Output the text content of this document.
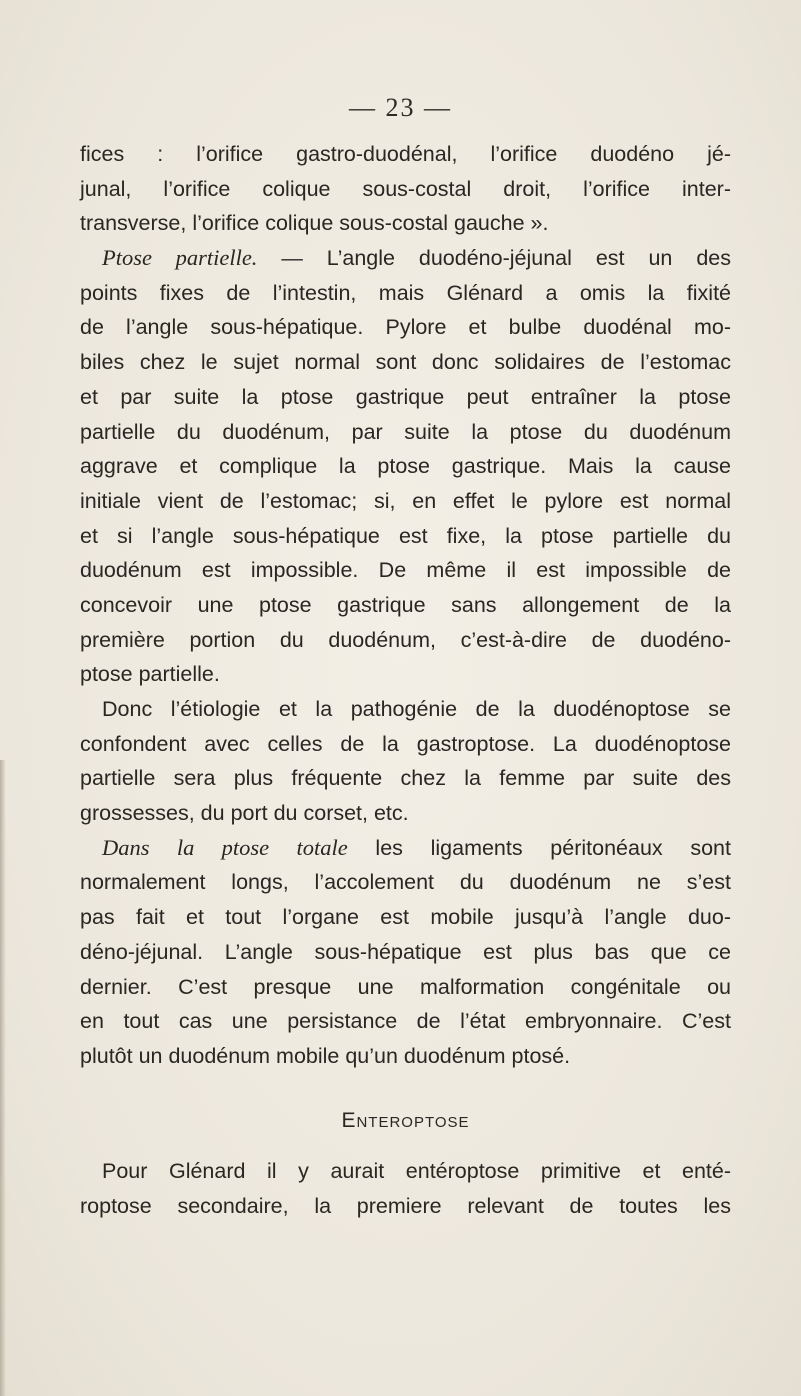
— 23 —
fices : l’orifice gastro-duodénal, l’orifice duodéno jé-
junal, l’orifice colique sous-costal droit, l’orifice inter-
transverse, l’orifice colique sous-costal gauche ».
Ptose partielle. — L’angle duodéno-jéjunal est un des
points fixes de l’intestin, mais Glénard a omis la fixité
de l’angle sous-hépatique. Pylore et bulbe duodénal mo-
biles chez le sujet normal sont donc solidaires de l’estomac
et par suite la ptose gastrique peut entraîner la ptose
partielle du duodénum, par suite la ptose du duodénum
aggrave et complique la ptose gastrique. Mais la cause
initiale vient de l’estomac; si, en effet le pylore est normal
et si l’angle sous-hépatique est fixe, la ptose partielle du
duodénum est impossible. De même il est impossible de
concevoir une ptose gastrique sans allongement de la
première portion du duodénum, c’est-à-dire de duodéno-
ptose partielle.
Donc l’étiologie et la pathogénie de la duodénoptose se
confondent avec celles de la gastroptose. La duodénoptose
partielle sera plus fréquente chez la femme par suite des
grossesses, du port du corset, etc.
Dans la ptose totale les ligaments péritonéaux sont
normalement longs, l’accolement du duodénum ne s’est
pas fait et tout l’organe est mobile jusqu’à l’angle duo-
déno-jéjunal. L’angle sous-hépatique est plus bas que ce
dernier. C’est presque une malformation congénitale ou
en tout cas une persistance de l’état embryonnaire. C’est
plutôt un duodénum mobile qu’un duodénum ptosé.
Enteroptose
Pour Glénard il y aurait entéroptose primitive et enté-
roptose secondaire, la premiere relevant de toutes les
